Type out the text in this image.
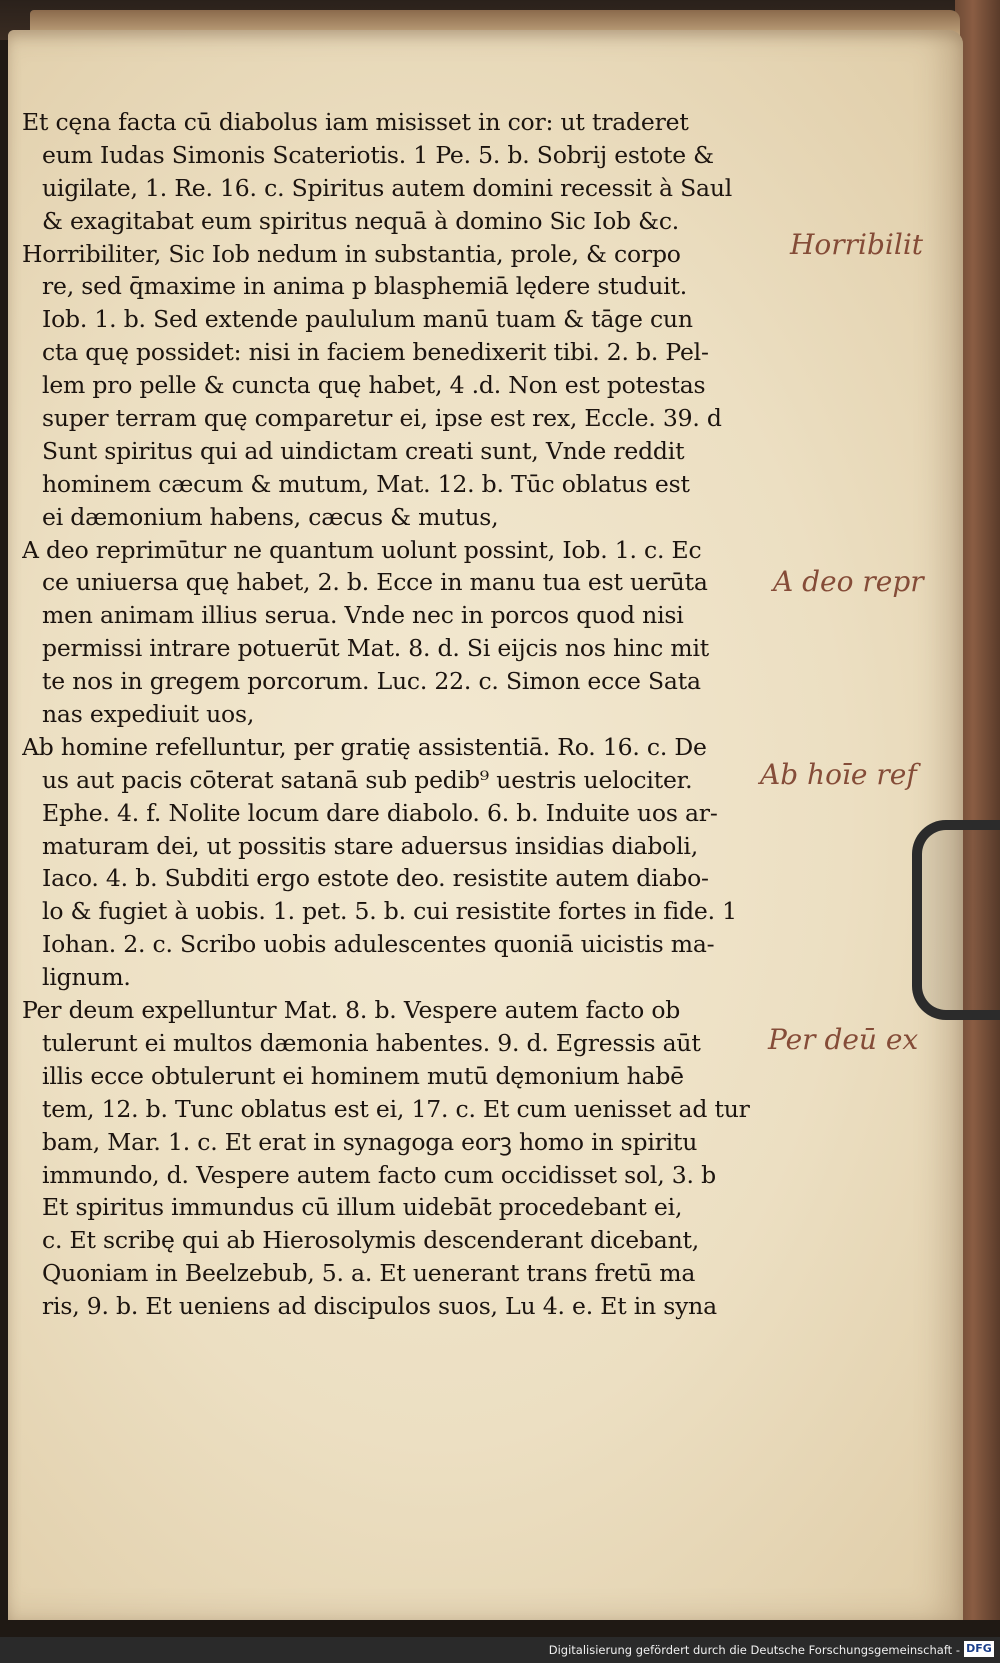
Et cęna facta cū diabolus iam misisset in cor: ut traderet
eum Iudas Simonis Scateriotis. 1 Pe. 5. b. Sobrij estote &
uigilate, 1. Re. 16. c. Spiritus autem domini recessit à Saul
& exagitabat eum spiritus nequā à domino Sic Iob &c.
Horribiliter, Sic Iob nedum in substantia, prole, & corpo
re, sed q̄maxime in anima p blasphemiā lędere studuit.
Iob. 1. b. Sed extende paululum manū tuam & tāge cun
cta quę possidet: nisi in faciem benedixerit tibi. 2. b. Pel-
lem pro pelle & cuncta quę habet, 4 .d. Non est potestas
super terram quę comparetur ei, ipse est rex, Eccle. 39. d
Sunt spiritus qui ad uindictam creati sunt, Vnde reddit
hominem cæcum & mutum, Mat. 12. b. Tūc oblatus est
ei dæmonium habens, cæcus & mutus,
A deo reprimūtur ne quantum uolunt possint, Iob. 1. c. Ec
ce uniuersa quę habet, 2. b. Ecce in manu tua est uerūta
men animam illius serua. Vnde nec in porcos quod nisi
permissi intrare potuerūt Mat. 8. d. Si eijcis nos hinc mit
te nos in gregem porcorum. Luc. 22. c. Simon ecce Sata
nas expediuit uos,
Ab homine refelluntur, per gratię assistentiā. Ro. 16. c. De
us aut pacis cōterat satanā sub pedib⁹ uestris uelociter.
Ephe. 4. f. Nolite locum dare diabolo. 6. b. Induite uos ar-
maturam dei, ut possitis stare aduersus insidias diaboli,
Iaco. 4. b. Subditi ergo estote deo. resistite autem diabo-
lo & fugiet à uobis. 1. pet. 5. b. cui resistite fortes in fide. 1
Iohan. 2. c. Scribo uobis adulescentes quoniā uicistis ma-
lignum.
Per deum expelluntur Mat. 8. b. Vespere autem facto ob
tulerunt ei multos dæmonia habentes. 9. d. Egressis aūt
illis ecce obtulerunt ei hominem mutū dęmonium habē
tem, 12. b. Tunc oblatus est ei, 17. c. Et cum uenisset ad tur
bam, Mar. 1. c. Et erat in synagoga eorꝫ homo in spiritu
immundo, d. Vespere autem facto cum occidisset sol, 3. b
Et spiritus immundus cū illum uidebāt procedebant ei,
c. Et scribę qui ab Hierosolymis descenderant dicebant,
Quoniam in Beelzebub, 5. a. Et uenerant trans fretū ma
ris, 9. b. Et ueniens ad discipulos suos, Lu 4. e. Et in syna
Horribilit
A deo repr
Ab hoīe ref
Per deū ex
Digitalisierung gefördert durch die Deutsche Forschungsgemeinschaft - DFG
